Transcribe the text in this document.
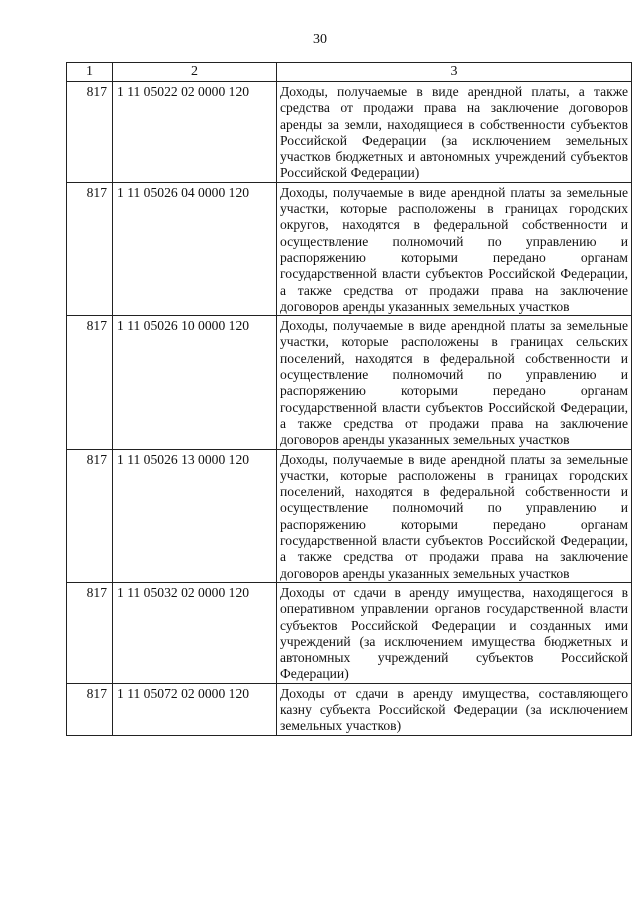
30
1	2	3
817	1 11 05022 02 0000 120	Доходы, получаемые в виде арендной платы, а также средства от продажи права на заключение договоров аренды за земли, находящиеся в собственности субъектов Российской Федерации (за исключением земельных участков бюджетных и автономных учреждений субъектов Российской Федерации)
817	1 11 05026 04 0000 120	Доходы, получаемые в виде арендной платы за земельные участки, которые расположены в границах городских округов, находятся в федеральной собственности и осуществление полномочий по управлению и распоряжению которыми передано органам государственной власти субъектов Российской Федерации, а также средства от продажи права на заключение договоров аренды указанных земельных участков
817	1 11 05026 10 0000 120	Доходы, получаемые в виде арендной платы за земельные участки, которые расположены в границах сельских поселений, находятся в федеральной собственности и осуществление полномочий по управлению и распоряжению которыми передано органам государственной власти субъектов Российской Федерации, а также средства от продажи права на заключение договоров аренды указанных земельных участков
817	1 11 05026 13 0000 120	Доходы, получаемые в виде арендной платы за земельные участки, которые расположены в границах городских поселений, находятся в федеральной собственности и осуществление полномочий по управлению и распоряжению которыми передано органам государственной власти субъектов Российской Федерации, а также средства от продажи права на заключение договоров аренды указанных земельных участков
817	1 11 05032 02 0000 120	Доходы от сдачи в аренду имущества, находящегося в оперативном управлении органов государственной власти субъектов Российской Федерации и созданных ими учреждений (за исключением имущества бюджетных и автономных учреждений субъектов Российской Федерации)
817	1 11 05072 02 0000 120	Доходы от сдачи в аренду имущества, составляющего казну субъекта Российской Федерации (за исключением земельных участков)
